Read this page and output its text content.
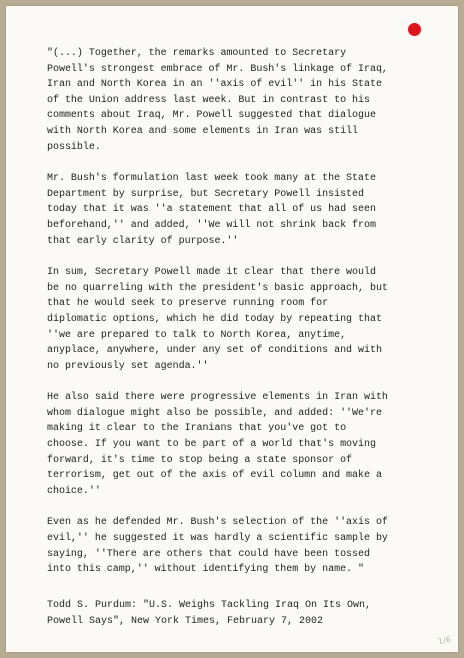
"(...) Together, the remarks amounted to Secretary
Powell's strongest embrace of Mr. Bush's linkage of Iraq,
Iran and North Korea in an ''axis of evil'' in his State
of the Union address last week. But in contrast to his
comments about Iraq, Mr. Powell suggested that dialogue
with North Korea and some elements in Iran was still
possible.

Mr. Bush's formulation last week took many at the State
Department by surprise, but Secretary Powell insisted
today that it was ''a statement that all of us had seen
beforehand,'' and added, ''We will not shrink back from
that early clarity of purpose.''

In sum, Secretary Powell made it clear that there would
be no quarreling with the president's basic approach, but
that he would seek to preserve running room for
diplomatic options, which he did today by repeating that
''we are prepared to talk to North Korea, anytime,
anyplace, anywhere, under any set of conditions and with
no previously set agenda.''

He also said there were progressive elements in Iran with
whom dialogue might also be possible, and added: ''We're
making it clear to the Iranians that you've got to
choose. If you want to be part of a world that's moving
forward, it's time to stop being a state sponsor of
terrorism, get out of the axis of evil column and make a
choice.''

Even as he defended Mr. Bush's selection of the ''axis of
evil,'' he suggested it was hardly a scientific sample by
saying, ''There are others that could have been tossed
into this camp,'' without identifying them by name. "

Todd S. Purdum: "U.S. Weighs Tackling Iraq On Its Own,
Powell Says", New York Times, February 7, 2002

1/6
